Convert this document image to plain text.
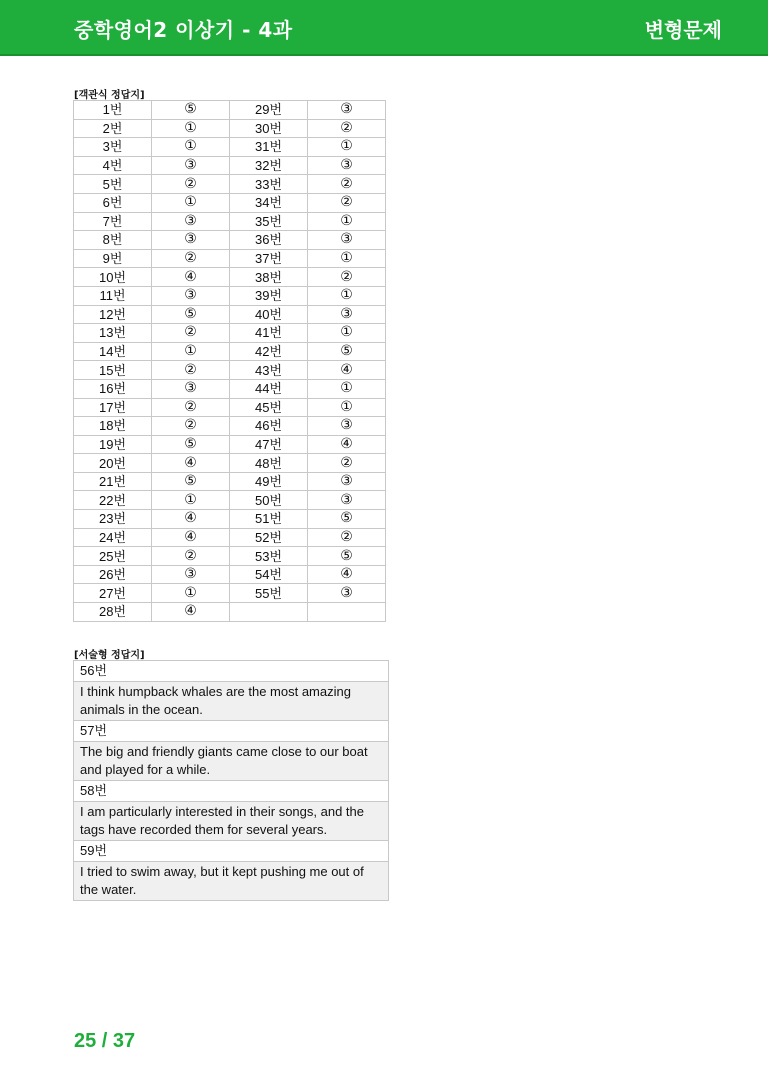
중학영어2 이상기 - 4과	변형문제
[객관식 정답지]
1번	⑤	29번	③
2번	①	30번	②
3번	①	31번	①
4번	③	32번	③
5번	②	33번	②
6번	①	34번	②
7번	③	35번	①
8번	③	36번	③
9번	②	37번	①
10번	④	38번	②
11번	③	39번	①
12번	⑤	40번	③
13번	②	41번	①
14번	①	42번	⑤
15번	②	43번	④
16번	③	44번	①
17번	②	45번	①
18번	②	46번	③
19번	⑤	47번	④
20번	④	48번	②
21번	⑤	49번	③
22번	①	50번	③
23번	④	51번	⑤
24번	④	52번	②
25번	②	53번	⑤
26번	③	54번	④
27번	①	55번	③
28번	④		
[서술형 정답지]
56번
I think humpback whales are the most amazing animals in the ocean.
57번
The big and friendly giants came close to our boat and played for a while.
58번
I am particularly interested in their songs, and the tags have recorded them for several years.
59번
I tried to swim away, but it kept pushing me out of the water.
25 / 37
